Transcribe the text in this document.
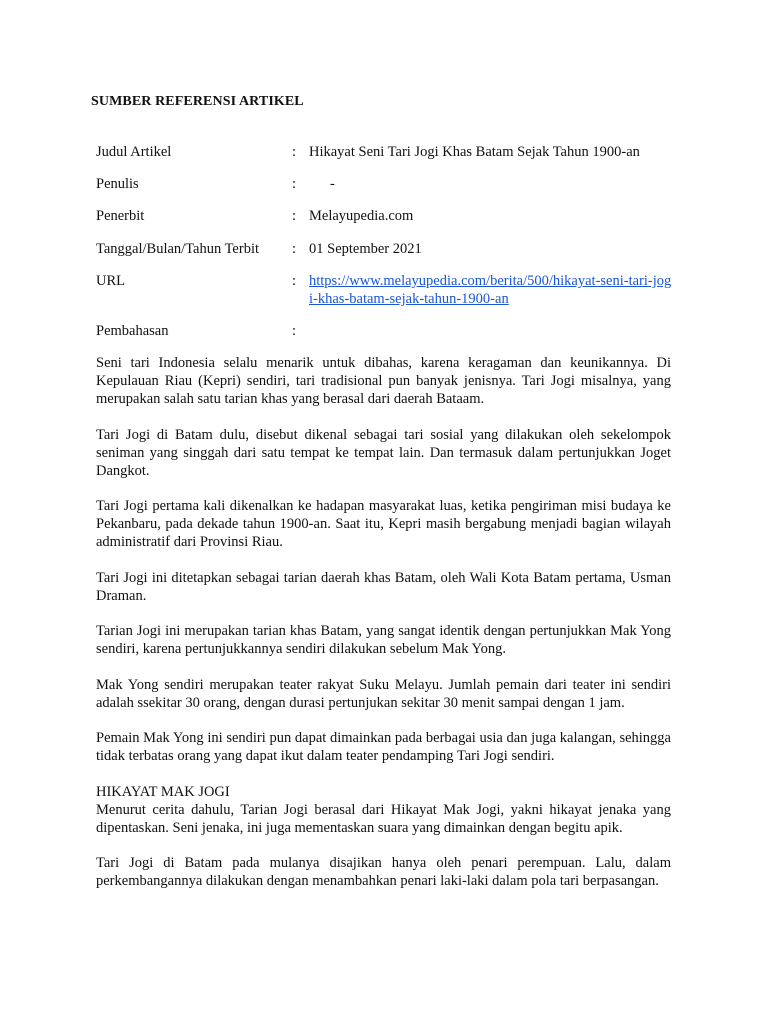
SUMBER REFERENSI ARTIKEL
Judul Artikel	: Hikayat Seni Tari Jogi Khas Batam Sejak Tahun 1900-an
Penulis	: -
Penerbit	: Melayupedia.com
Tanggal/Bulan/Tahun Terbit : 01 September 2021
URL	: https://www.melayupedia.com/berita/500/hikayat-seni-tari-jogi-khas-batam-sejak-tahun-1900-an
Pembahasan	:

Seni tari Indonesia selalu menarik untuk dibahas, karena keragaman dan keunikannya. Di Kepulauan Riau (Kepri) sendiri, tari tradisional pun banyak jenisnya. Tari Jogi misalnya, yang merupakan salah satu tarian khas yang berasal dari daerah Bataam.

Tari Jogi di Batam dulu, disebut dikenal sebagai tari sosial yang dilakukan oleh sekelompok seniman yang singgah dari satu tempat ke tempat lain. Dan termasuk dalam pertunjukkan Joget Dangkot.

Tari Jogi pertama kali dikenalkan ke hadapan masyarakat luas, ketika pengiriman misi budaya ke Pekanbaru, pada dekade tahun 1900-an. Saat itu, Kepri masih bergabung menjadi bagian wilayah administratif dari Provinsi Riau.

Tari Jogi ini ditetapkan sebagai tarian daerah khas Batam, oleh Wali Kota Batam pertama, Usman Draman.

Tarian Jogi ini merupakan tarian khas Batam, yang sangat identik dengan pertunjukkan Mak Yong sendiri, karena pertunjukkannya sendiri dilakukan sebelum Mak Yong.

Mak Yong sendiri merupakan teater rakyat Suku Melayu. Jumlah pemain dari teater ini sendiri adalah ssekitar 30 orang, dengan durasi pertunjukan sekitar 30 menit sampai dengan 1 jam.

Pemain Mak Yong ini sendiri pun dapat dimainkan pada berbagai usia dan juga kalangan, sehingga tidak terbatas orang yang dapat ikut dalam teater pendamping Tari Jogi sendiri.

HIKAYAT MAK JOGI

Menurut cerita dahulu, Tarian Jogi berasal dari Hikayat Mak Jogi, yakni hikayat jenaka yang dipentaskan. Seni jenaka, ini juga mementaskan suara yang dimainkan dengan begitu apik.

Tari Jogi di Batam pada mulanya disajikan hanya oleh penari perempuan. Lalu, dalam perkembangannya dilakukan dengan menambahkan penari laki-laki dalam pola tari berpasangan.
